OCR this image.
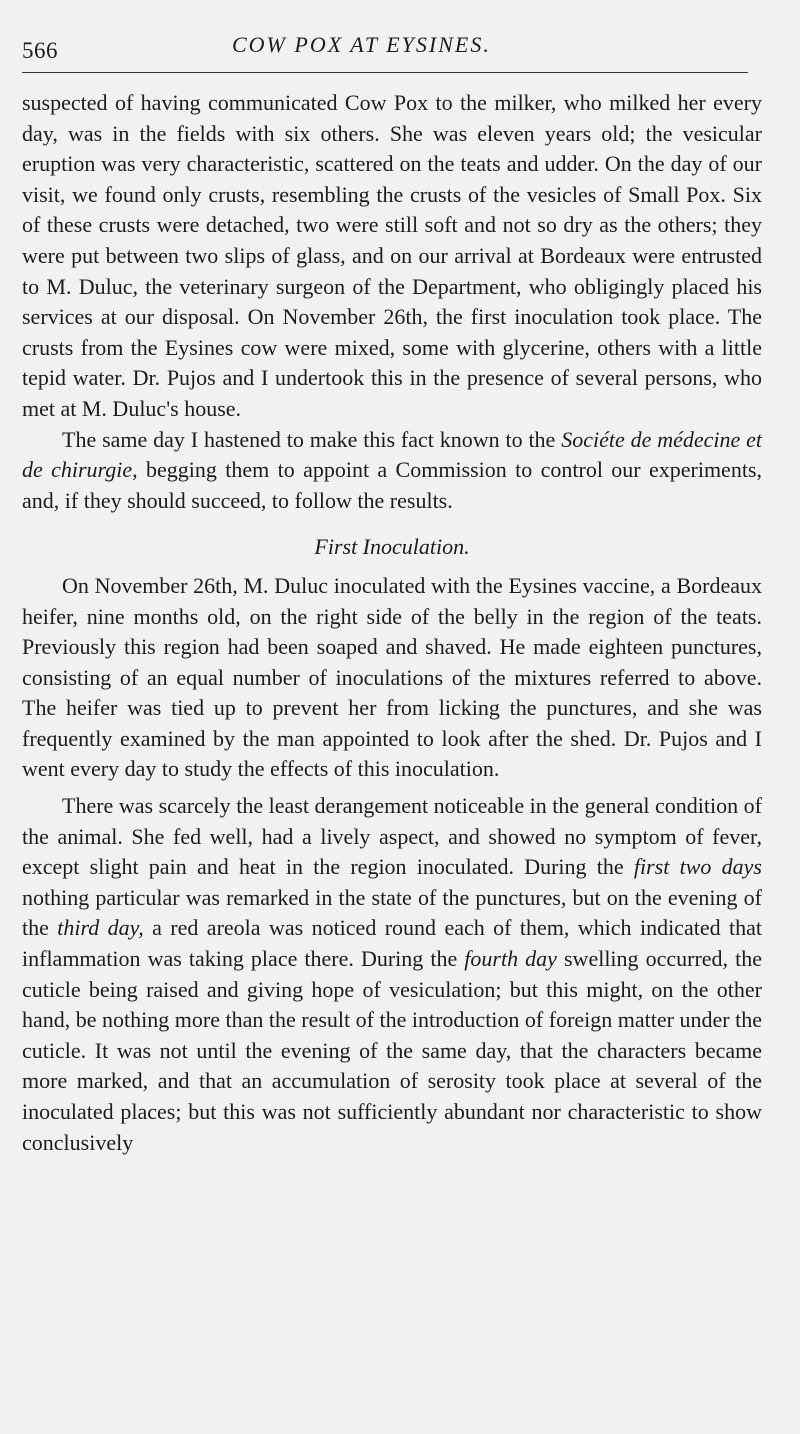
566	COW POX AT EYSINES.

suspected of having communicated Cow Pox to the milker, who milked her every day, was in the fields with six others. She was eleven years old; the vesicular eruption was very characteristic, scattered on the teats and udder. On the day of our visit, we found only crusts, resembling the crusts of the vesicles of Small Pox. Six of these crusts were detached, two were still soft and not so dry as the others; they were put between two slips of glass, and on our arrival at Bordeaux were entrusted to M. Duluc, the veterinary surgeon of the Department, who obligingly placed his services at our disposal. On November 26th, the first inoculation took place. The crusts from the Eysines cow were mixed, some with glycerine, others with a little tepid water. Dr. Pujos and I undertook this in the presence of several persons, who met at M. Duluc's house.

The same day I hastened to make this fact known to the Sociéte de médecine et de chirurgie, begging them to appoint a Commission to control our experiments, and, if they should succeed, to follow the results.

First Inoculation.

On November 26th, M. Duluc inoculated with the Eysines vaccine, a Bordeaux heifer, nine months old, on the right side of the belly in the region of the teats. Previously this region had been soaped and shaved. He made eighteen punctures, consisting of an equal number of inoculations of the mixtures referred to above. The heifer was tied up to prevent her from licking the punctures, and she was frequently examined by the man appointed to look after the shed. Dr. Pujos and I went every day to study the effects of this inoculation.

There was scarcely the least derangement noticeable in the general condition of the animal. She fed well, had a lively aspect, and showed no symptom of fever, except slight pain and heat in the region inoculated. During the first two days nothing particular was remarked in the state of the punctures, but on the evening of the third day, a red areola was noticed round each of them, which indicated that inflammation was taking place there. During the fourth day swelling occurred, the cuticle being raised and giving hope of vesiculation; but this might, on the other hand, be nothing more than the result of the introduction of foreign matter under the cuticle. It was not until the evening of the same day, that the characters became more marked, and that an accumulation of serosity took place at several of the inoculated places; but this was not sufficiently abundant nor characteristic to show conclusively
